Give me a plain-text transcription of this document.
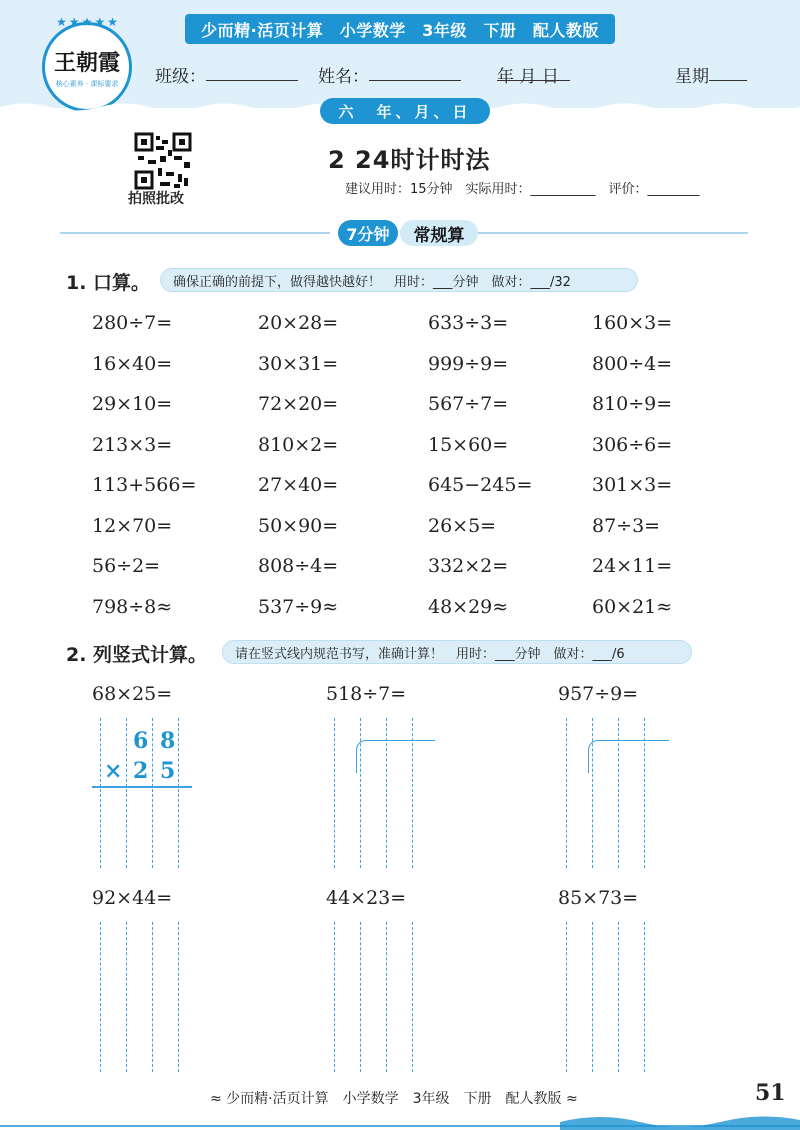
少而精·活页计算　小学数学　3年级　下册　配人教版
★★★★★
王朝霞
核心素养 · 课标要求 班级：	姓名：	年 月 日	星期
六　年、月、日
拍照批改
2 24时计时法
建议用时：15分钟　实际用时：__________　评价：________
7分钟	常规算
1. 口算。	确保正确的前提下，做得越快越好！　用时：___分钟　做对：___/32
280÷7=	20×28=	633÷3=	160×3=
16×40=	30×31=	999÷9=	800÷4=
29×10=	72×20=	567÷7=	810÷9=
213×3=	810×2=	15×60=	306÷6=
113+566=	27×40=	645−245=	301×3=
12×70=	50×90=	26×5=	87÷3=
56÷2=	808÷4=	332×2=	24×11=
798÷8≈	537÷9≈	48×29≈	60×21≈
2. 列竖式计算。	请在竖式线内规范书写，准确计算！　用时：___分钟　做对：___/6
68×25=	518÷7=	957÷9=
92×44=	44×23=	85×73=
6 8
× 2 5
≈ 少而精·活页计算　小学数学　3年级　下册　配人教版 ≈	51
